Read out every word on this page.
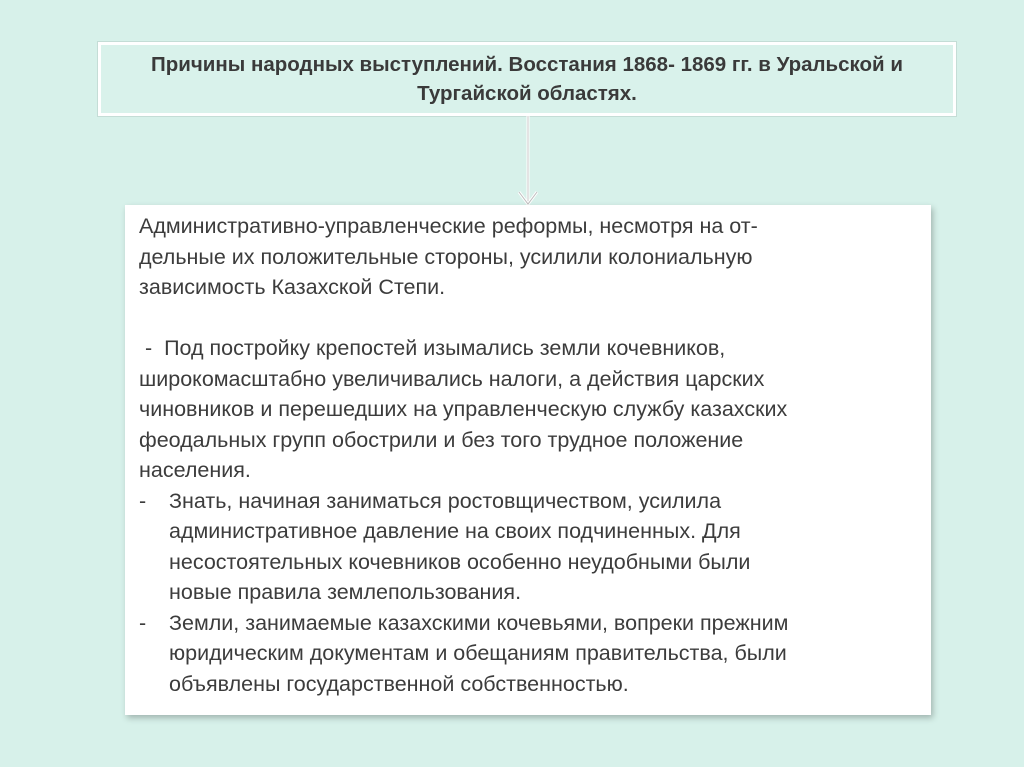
Причины народных выступлений. Восстания 1868- 1869 гг. в Уральской и Тургайской областях.

Административно-управленческие реформы, несмотря на от-
дельные их положительные стороны, усилили колониальную
зависимость Казахской Степи.

-  Под постройку крепостей изымались земли кочевников,
широкомасштабно увеличивались налоги, а действия царских
чиновников и перешедших на управленческую службу казахских
феодальных групп обострили и без того трудное положение
населения.

-	Знать, начиная заниматься ростовщичеством, усилила
административное давление на своих подчиненных. Для
несостоятельных кочевников особенно неудобными были
новые правила землепользования.
-	Земли, занимаемые казахскими кочевьями, вопреки прежним
юридическим документам и обещаниям правительства, были
объявлены государственной собственностью.
